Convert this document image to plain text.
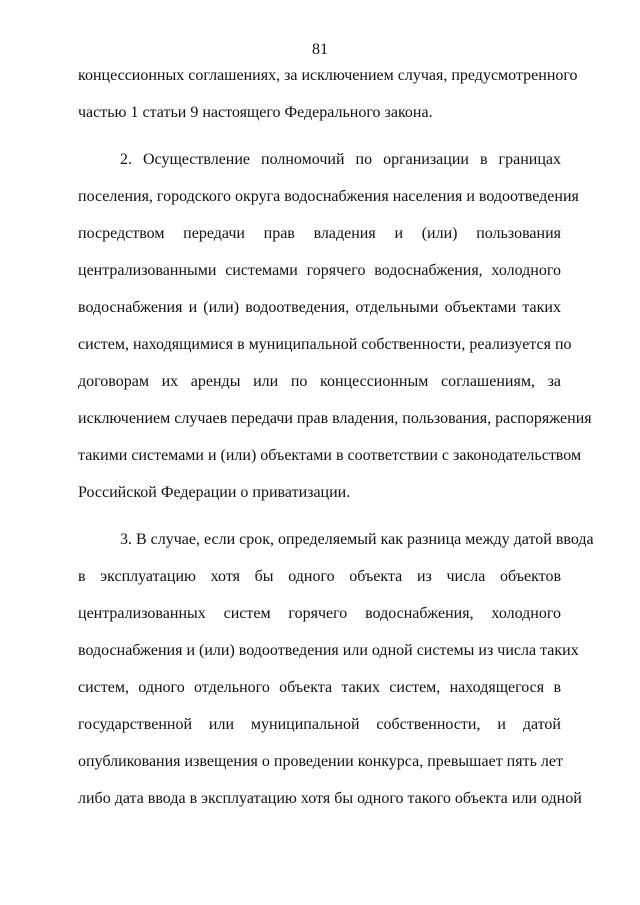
81
концессионных соглашениях, за исключением случая, предусмотренного
частью 1 статьи 9 настоящего Федерального закона.
2. Осуществление полномочий по организации в границах
поселения, городского округа водоснабжения населения и водоотведения
посредством передачи прав владения и (или) пользования
централизованными системами горячего водоснабжения, холодного
водоснабжения и (или) водоотведения, отдельными объектами таких
систем, находящимися в муниципальной собственности, реализуется по
договорам их аренды или по концессионным соглашениям, за
исключением случаев передачи прав владения, пользования, распоряжения
такими системами и (или) объектами в соответствии с законодательством
Российской Федерации о приватизации.
3. В случае, если срок, определяемый как разница между датой ввода
в эксплуатацию хотя бы одного объекта из числа объектов
централизованных систем горячего водоснабжения, холодного
водоснабжения и (или) водоотведения или одной системы из числа таких
систем, одного отдельного объекта таких систем, находящегося в
государственной или муниципальной собственности, и датой
опубликования извещения о проведении конкурса, превышает пять лет
либо дата ввода в эксплуатацию хотя бы одного такого объекта или одной
